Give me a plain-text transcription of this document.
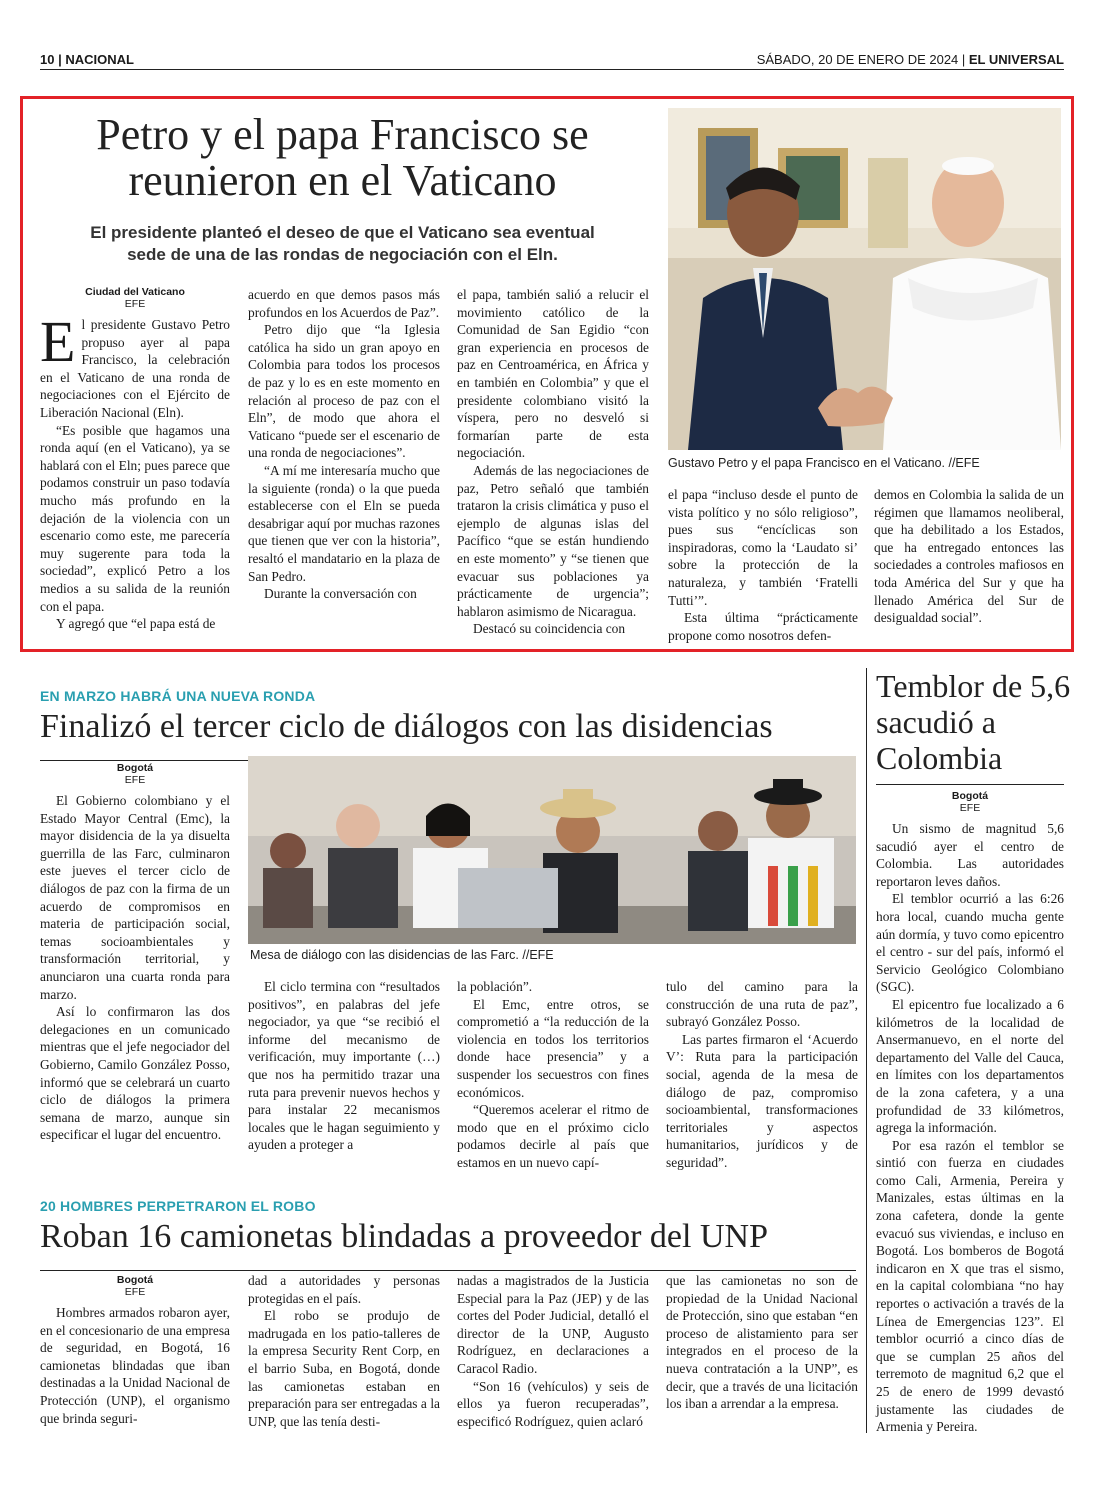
10 | NACIONAL	SÁBADO, 20 DE ENERO DE 2024 | EL UNIVERSAL
Petro y el papa Francisco se reunieron en el Vaticano
El presidente planteó el deseo de que el Vaticano sea eventual sede de una de las rondas de negociación con el Eln.
Gustavo Petro y el papa Francisco en el Vaticano. //EFE
Ciudad del Vaticano
EFE

El presidente Gustavo Petro propuso ayer al papa Francisco, la celebración en el Vaticano de una ronda de negociaciones con el Ejército de Liberación Nacional (Eln).

“Es posible que hagamos una ronda aquí (en el Vaticano), ya se hablará con el Eln; pues parece que podamos construir un paso todavía mucho más profundo en la dejación de la violencia con un escenario como este, me parecería muy sugerente para toda la sociedad”, explicó Petro a los medios a su salida de la reunión con el papa.

Y agregó que “el papa está de

acuerdo en que demos pasos más profundos en los Acuerdos de Paz”.

Petro dijo que “la Iglesia católica ha sido un gran apoyo en Colombia para todos los procesos de paz y lo es en este momento en relación al proceso de paz con el Eln”, de modo que ahora el Vaticano “puede ser el escenario de una ronda de negociaciones”.

“A mí me interesaría mucho que la siguiente (ronda) o la que pueda establecerse con el Eln se pueda desabrigar aquí por muchas razones que tienen que ver con la historia”, resaltó el mandatario en la plaza de San Pedro.

Durante la conversación con

el papa, también salió a relucir el movimiento católico de la Comunidad de San Egidio “con gran experiencia en procesos de paz en Centroamérica, en África y en también en Colombia” y que el presidente colombiano visitó la víspera, pero no desveló si formarían parte de esta negociación.

Además de las negociaciones de paz, Petro señaló que también trataron la crisis climática y puso el ejemplo de algunas islas del Pacífico “que se están hundiendo en este momento” y “se tienen que evacuar sus poblaciones ya prácticamente de urgencia”; hablaron asimismo de Nicaragua.

Destacó su coincidencia con

el papa “incluso desde el punto de vista político y no sólo religioso”, pues sus “encíclicas son inspiradoras, como la ‘Laudato si’ sobre la protección de la naturaleza, y también ‘Fratelli Tutti’”.

Esta última “prácticamente propone como nosotros defen-

demos en Colombia la salida de un régimen que llamamos neoliberal, que ha debilitado a los Estados, que ha entregado entonces las sociedades a controles mafiosos en toda América del Sur y que ha llenado América del Sur de desigualdad social”.

EN MARZO HABRÁ UNA NUEVA RONDA
Finalizó el tercer ciclo de diálogos con las disidencias
Mesa de diálogo con las disidencias de las Farc. //EFE
Bogotá
EFE

El Gobierno colombiano y el Estado Mayor Central (Emc), la mayor disidencia de la ya disuelta guerrilla de las Farc, culminaron este jueves el tercer ciclo de diálogos de paz con la firma de un acuerdo de compromisos en materia de participación social, temas socioambientales y transformación territorial, y anunciaron una cuarta ronda para marzo.

Así lo confirmaron las dos delegaciones en un comunicado mientras que el jefe negociador del Gobierno, Camilo González Posso, informó que se celebrará un cuarto ciclo de diálogos la primera semana de marzo, aunque sin especificar el lugar del encuentro.

El ciclo termina con “resultados positivos”, en palabras del jefe negociador, ya que “se recibió el informe del mecanismo de verificación, muy importante (…) que nos ha permitido trazar una ruta para prevenir nuevos hechos y para instalar 22 mecanismos locales que le hagan seguimiento y ayuden a proteger a

la población”.

El Emc, entre otros, se comprometió a “la reducción de la violencia en todos los territorios donde hace presencia” y a suspender los secuestros con fines económicos.

“Queremos acelerar el ritmo de modo que en el próximo ciclo podamos decirle al país que estamos en un nuevo capí-

tulo del camino para la construcción de una ruta de paz”, subrayó González Posso.

Las partes firmaron el ‘Acuerdo V’: Ruta para la participación social, agenda de la mesa de diálogo de paz, compromiso socioambiental, transformaciones territoriales y aspectos humanitarios, jurídicos y de seguridad”.

20 HOMBRES PERPETRARON EL ROBO
Roban 16 camionetas blindadas a proveedor del UNP
Bogotá
EFE

Hombres armados robaron ayer, en el concesionario de una empresa de seguridad, en Bogotá, 16 camionetas blindadas que iban destinadas a la Unidad Nacional de Protección (UNP), el organismo que brinda seguri-

dad a autoridades y personas protegidas en el país.

El robo se produjo de madrugada en los patio-talleres de la empresa Security Rent Corp, en el barrio Suba, en Bogotá, donde las camionetas estaban en preparación para ser entregadas a la UNP, que las tenía desti-

nadas a magistrados de la Justicia Especial para la Paz (JEP) y de las cortes del Poder Judicial, detalló el director de la UNP, Augusto Rodríguez, en declaraciones a Caracol Radio.

“Son 16 (vehículos) y seis de ellos ya fueron recuperadas”, especificó Rodríguez, quien aclaró

que las camionetas no son de propiedad de la Unidad Nacional de Protección, sino que estaban “en proceso de alistamiento para ser integrados en el proceso de la nueva contratación a la UNP”, es decir, que a través de una licitación los iban a arrendar a la empresa.

Temblor de 5,6 sacudió a Colombia
Bogotá
EFE

Un sismo de magnitud 5,6 sacudió ayer el centro de Colombia. Las autoridades reportaron leves daños.

El temblor ocurrió a las 6:26 hora local, cuando mucha gente aún dormía, y tuvo como epicentro el centro - sur del país, informó el Servicio Geológico Colombiano (SGC).

El epicentro fue localizado a 6 kilómetros de la localidad de Ansermanuevo, en el norte del departamento del Valle del Cauca, en límites con los departamentos de la zona cafetera, y a una profundidad de 33 kilómetros, agrega la información.

Por esa razón el temblor se sintió con fuerza en ciudades como Cali, Armenia, Pereira y Manizales, estas últimas en la zona cafetera, donde la gente evacuó sus viviendas, e incluso en Bogotá. Los bomberos de Bogotá indicaron en X que tras el sismo, en la capital colombiana “no hay reportes o activación a través de la Línea de Emergencias 123”. El temblor ocurrió a cinco días de que se cumplan 25 años del terremoto de magnitud 6,2 que el 25 de enero de 1999 devastó justamente las ciudades de Armenia y Pereira.
